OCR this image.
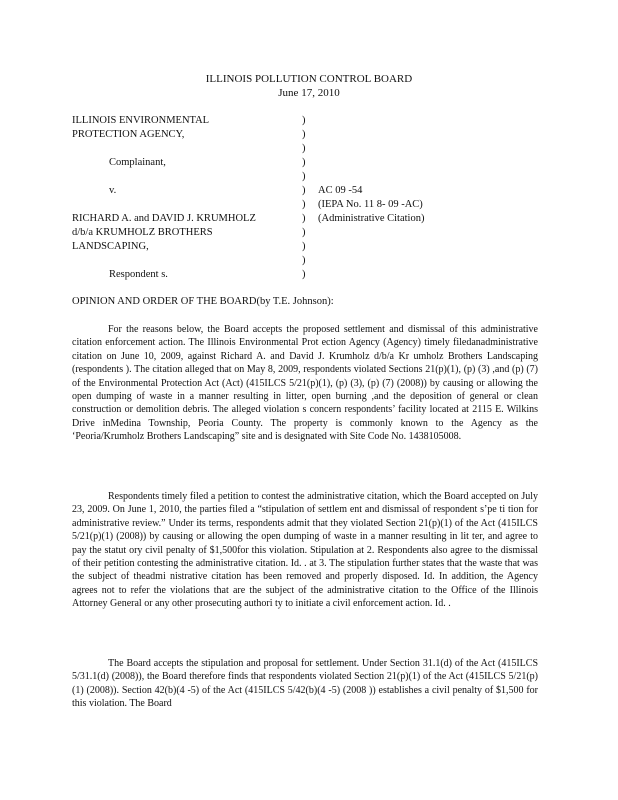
ILLINOIS POLLUTION CONTROL BOARD
June 17, 2010
ILLINOIS ENVIRONMENTAL
PROTECTION AGENCY,
Complainant,
v.
RICHARD A. and DAVID J. KRUMHOLZ
d/b/a KRUMHOLZ BROTHERS
LANDSCAPING,
Respondent s.
)
)
)
)
)
)
)
)
)
)
)
)
AC 09 -54
(IEPA No. 11 8- 09 -AC)
(Administrative Citation)
OPINION AND ORDER OF THE BOARD(by T.E. Johnson):

For the reasons below, the Board accepts the proposed settlement and dismissal of this administrative citation enforcement action. The Illinois Environmental Prot ection Agency (Agency) timely filedanadministrative citation on June 10, 2009, against Richard A. and David J. Krumholz d/b/a Kr umholz Brothers Landscaping (respondents ). The citation alleged that on May 8, 2009, respondents violated Sections 21(p)(1), (p) (3) ,and (p) (7) of the Environmental Protection Act (Act) (415ILCS 5/21(p)(1), (p) (3), (p) (7) (2008)) by causing or allowing the open dumping of waste in a manner resulting in litter, open burning ,and the deposition of general or clean construction or demolition debris. The alleged violation s concern respondents’ facility located at 2115 E. Wilkins Drive inMedina Township, Peoria County. The property is commonly known to the Agency as the ‘Peoria/Krumholz Brothers Landscaping” site and is designated with Site Code No. 1438105008.

Respondents timely filed a petition to contest the administrative citation, which the Board accepted on July 23, 2009. On June 1, 2010, the parties filed a “stipulation of settlem ent and dismissal of respondent s’pe ti tion for administrative review.” Under its terms, respondents admit that they violated Section 21(p)(1) of the Act (415ILCS 5/21(p)(1) (2008)) by causing or allowing the open dumping of waste in a manner resulting in lit ter, and agree to pay the statut ory civil penalty of $1,500for this violation. Stipulation at 2. Respondents also agree to the dismissal of their petition contesting the administrative citation. Id. . at 3. The stipulation further states that the waste that was the subject of theadmi nistrative citation has been removed and properly disposed. Id. In addition, the Agency agrees not to refer the violations that are the subject of the administrative citation to the Office of the Illinois Attorney General or any other prosecuting authori ty to initiate a civil enforcement action. Id. .

The Board accepts the stipulation and proposal for settlement. Under Section 31.1(d) of the Act (415ILCS 5/31.1(d) (2008)), the Board therefore finds that respondents violated Section 21(p)(1) of the Act (415ILCS 5/21(p)(1) (2008)). Section 42(b)(4 -5) of the Act (415ILCS 5/42(b)(4 -5) (2008 )) establishes a civil penalty of $1,500 for this violation. The Board
